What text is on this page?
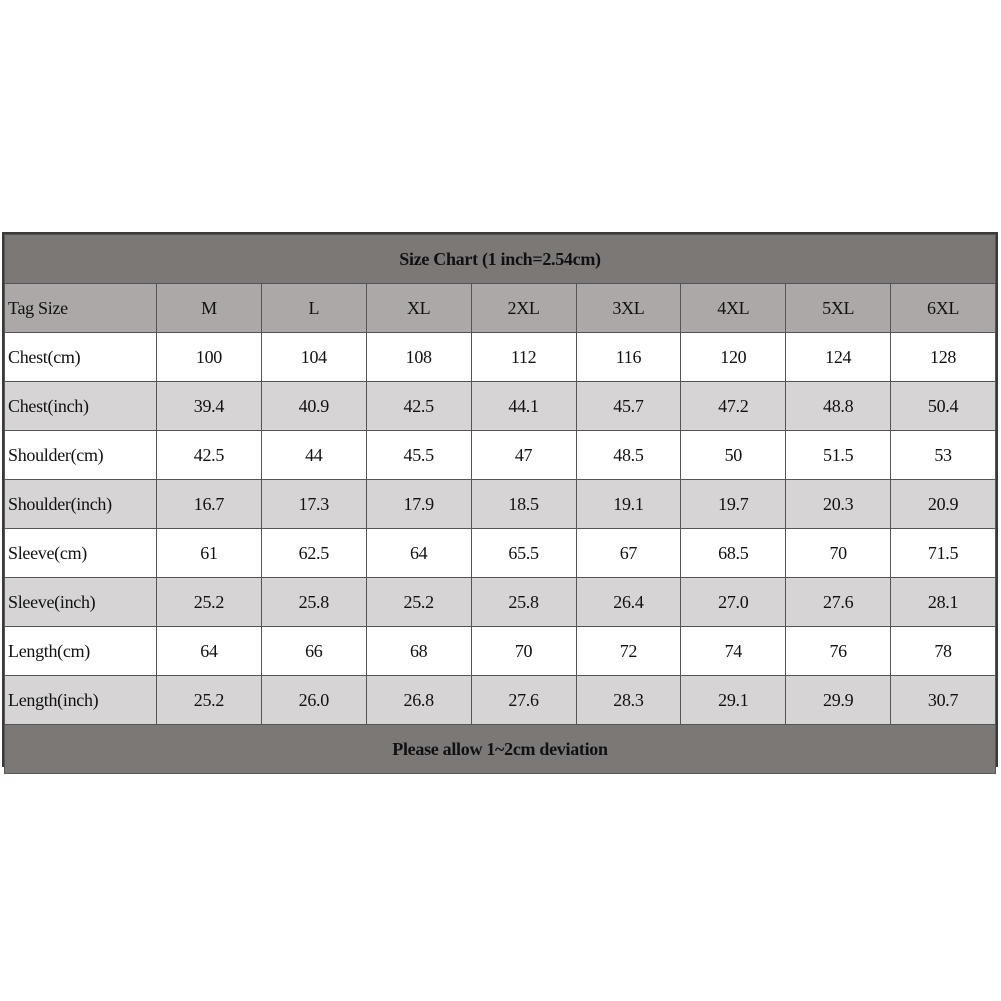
Size Chart (1 inch=2.54cm)								
Tag Size	M	L	XL	2XL	3XL	4XL	5XL	6XL
Chest(cm)	100	104	108	112	116	120	124	128
Chest(inch)	39.4	40.9	42.5	44.1	45.7	47.2	48.8	50.4
Shoulder(cm)	42.5	44	45.5	47	48.5	50	51.5	53
Shoulder(inch)	16.7	17.3	17.9	18.5	19.1	19.7	20.3	20.9
Sleeve(cm)	61	62.5	64	65.5	67	68.5	70	71.5
Sleeve(inch)	25.2	25.8	25.2	25.8	26.4	27.0	27.6	28.1
Length(cm)	64	66	68	70	72	74	76	78
Length(inch)	25.2	26.0	26.8	27.6	28.3	29.1	29.9	30.7
Please allow 1~2cm deviation								
